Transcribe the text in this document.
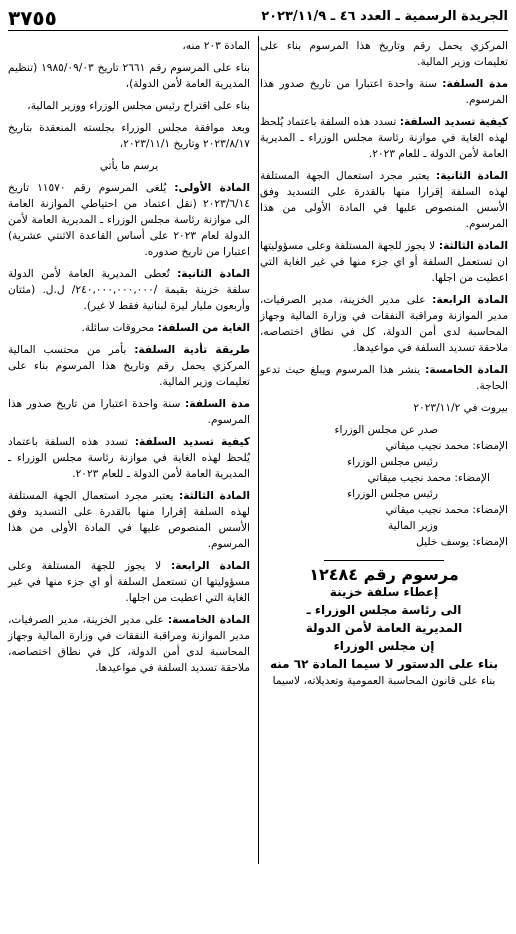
الجريدة الرسمية ـ العدد ٤٦ ـ ٢٠٢٣/١١/٩
٣٧٥٥

المركزي يحمل رقم وتاريخ هذا المرسوم بناء على تعليمات وزير المالية.

مدة السلفة: سنة واحدة اعتبارا من تاريخ صدور هذا المرسوم.

كيفية تسديد السلفة: تسدد هذه السلفة باعتماد يُلحظ لهذه الغاية في موازنة رئاسة مجلس الوزراء ـ المديرية العامة لأمن الدولة ـ للعام ٢٠٢٣.

المادة الثانية: يعتبر مجرد استعمال الجهة المستلفة لهذه السلفة إقرارا منها بالقدرة على التسديد وفق الأسس المنصوص عليها في المادة الأولى من هذا المرسوم.

المادة الثالثة: لا يجوز للجهة المستلفة وعلى مسؤوليتها ان تستعمل السلفة أو اي جزء منها في غير الغاية التي اعطيت من اجلها.

المادة الرابعة: على مدير الخزينة، مدير الصرفيات، مدير الموازنة ومراقبة النفقات في وزارة المالية وجهاز المحاسبة لدى أمن الدولة، كل في نطاق اختصاصه، ملاحقة تسديد السلفة في مواعيدها.

المادة الخامسة: ينشر هذا المرسوم ويبلغ حيث تدعو الحاجة.

بيروت في ٢٠٢٣/١١/٢

صدر عن مجلس الوزراء

الإمضاء: محمد نجيب ميقاتي

رئيس مجلس الوزراء

الإمضاء: محمد نجيب ميقاتي

رئيس مجلس الوزراء

الإمضاء: محمد نجيب ميقاتي

وزير المالية

الإمضاء: يوسف خليل

مرسوم رقم ١٢٤٨٤
إعطاء سلفة خزينة
الى رئاسة مجلس الوزراء ـ
المديرية العامة لأمن الدولة
إن مجلس الوزراء
بناء على الدستور لا سيما المادة ٦٢ منه
بناء على قانون المحاسبة العمومية وتعديلاته، لاسيما

المادة ٢٠٣ منه،

بناء على المرسوم رقم ٢٦٦١ تاريخ ١٩٨٥/٠٩/٠٣ (تنظيم المديرية العامة لأمن الدولة)،

بناء على اقتراح رئيس مجلس الوزراء ووزير المالية،

وبعد موافقة مجلس الوزراء بجلسته المنعقدة بتاريخ ٢٠٢٣/٨/١٧ وتاريخ ٢٠٢٣/١١/١،

يرسم ما يأتي

المادة الأولى: يُلغى المرسوم رقم ١١٥٧٠ تاريخ ٢٠٢٣/٦/١٤ (نقل اعتماد من احتياطي الموازنة العامة الى موازنة رئاسة مجلس الوزراء ـ المديرية العامة لأمن الدولة لعام ٢٠٢٣ على أساس القاعدة الاثنتي عشرية) اعتبارا من تاريخ صدوره.

المادة الثانية: تُعطى المديرية العامة لأمن الدولة سلفة خزينة بقيمة /٢٤٠,٠٠٠,٠٠٠,٠٠٠/ ل.ل. (مئتان وأربعون مليار ليرة لبنانية فقط لا غير).

الغاية من السلفة: محروقات سائلة.

طريقة تأدية السلفة: بأمر من محتسب المالية المركزي يحمل رقم وتاريخ هذا المرسوم بناء على تعليمات وزير المالية.

مدة السلفة: سنة واحدة اعتبارا من تاريخ صدور هذا المرسوم.

كيفية تسديد السلفة: تسدد هذه السلفة باعتماد يُلحظ لهذه الغاية في موازنة رئاسة مجلس الوزراء ـ المديرية العامة لأمن الدولة ـ للعام ٢٠٢٣.

المادة الثالثة: يعتبر مجرد استعمال الجهة المستلفة لهذه السلفة إقرارا منها بالقدرة على التسديد وفق الأسس المنصوص عليها في المادة الأولى من هذا المرسوم.

المادة الرابعة: لا يجوز للجهة المستلفة وعلى مسؤوليتها ان تستعمل السلفة أو اي جزء منها في غير الغاية التي اعطيت من اجلها.

المادة الخامسة: على مدير الخزينة، مدير الصرفيات، مدير الموازنة ومراقبة النفقات في وزارة المالية وجهاز المحاسبة لدى أمن الدولة، كل في نطاق اختصاصه، ملاحقة تسديد السلفة في مواعيدها.
